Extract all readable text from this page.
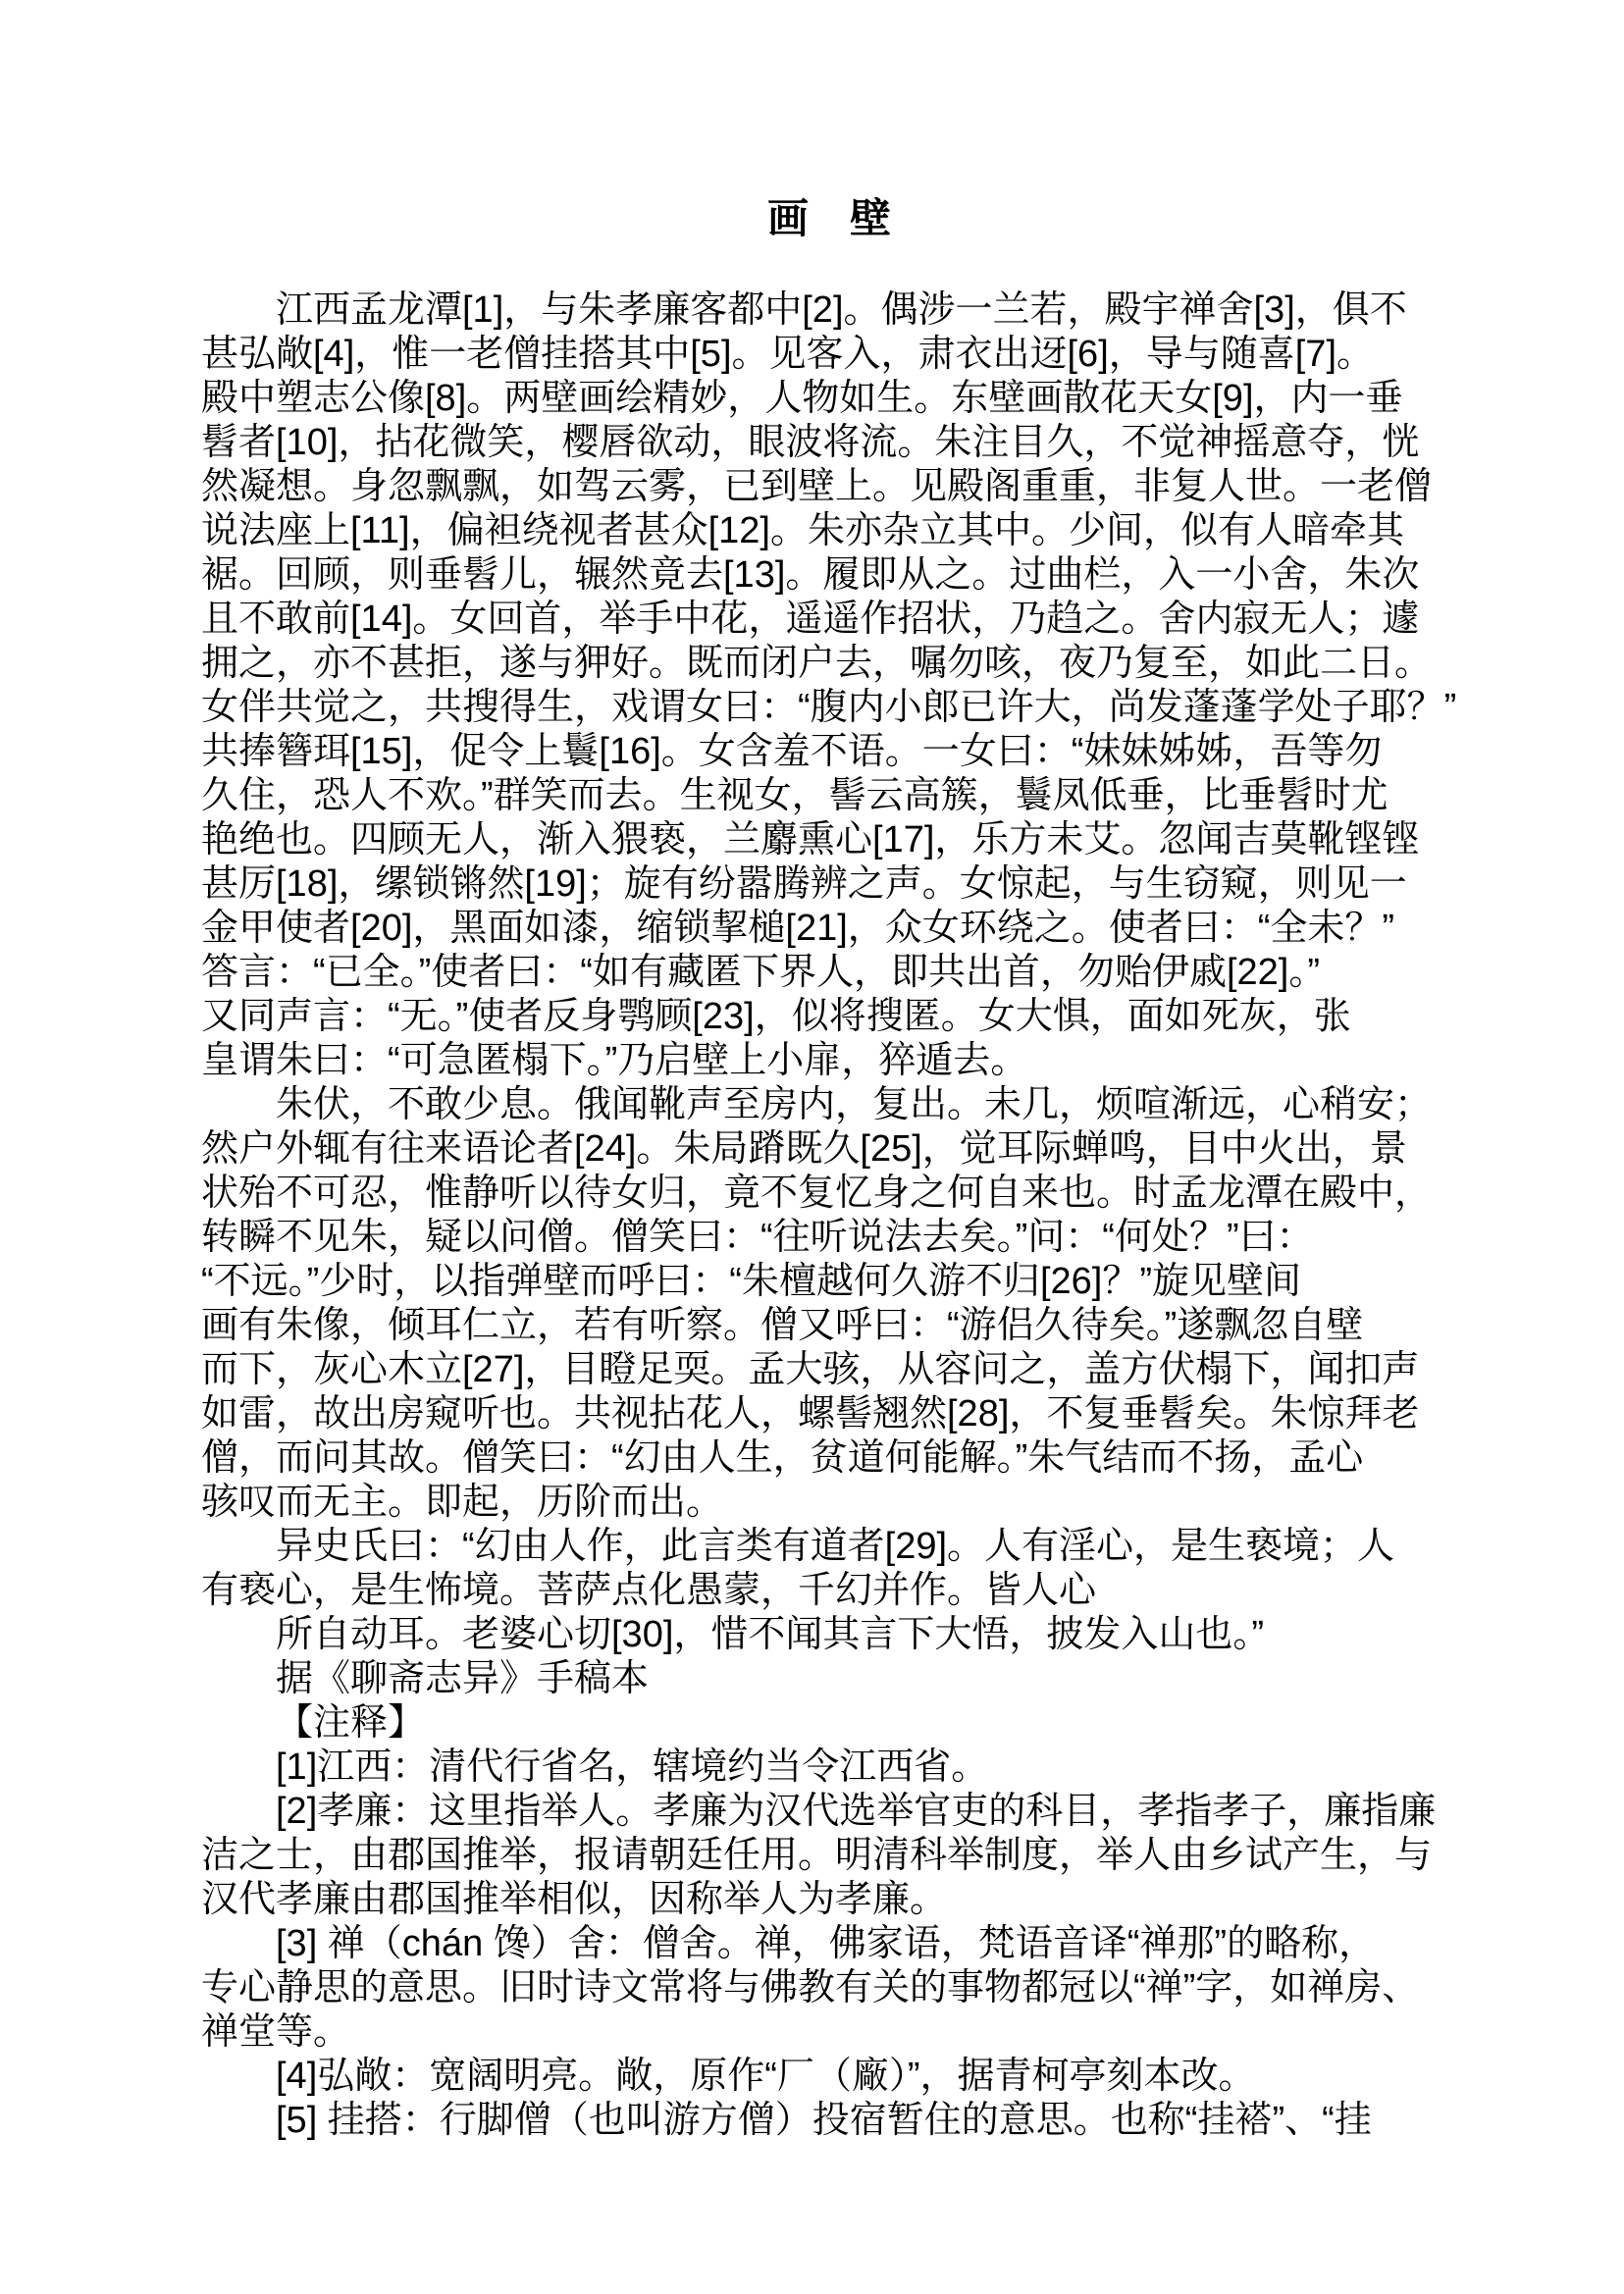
画　壁
江西孟龙潭[1]，与朱孝廉客都中[2]。偶涉一兰若，殿宇禅舍[3]，俱不
甚弘敞[4]，惟一老僧挂搭其中[5]。见客入，肃衣出迓[6]，导与随喜[7]。
殿中塑志公像[8]。两壁画绘精妙，人物如生。东壁画散花天女[9]，内一垂
髫者[10]，拈花微笑，樱唇欲动，眼波将流。朱注目久，不觉神摇意夺，恍
然凝想。身忽飘飘，如驾云雾，已到壁上。见殿阁重重，非复人世。一老僧
说法座上[11]，偏袒绕视者甚众[12]。朱亦杂立其中。少间，似有人暗牵其
裾。回顾，则垂髫儿，辗然竟去[13]。履即从之。过曲栏，入一小舍，朱次
且不敢前[14]。女回首，举手中花，遥遥作招状，乃趋之。舍内寂无人；遽
拥之，亦不甚拒，遂与狎好。既而闭户去，嘱勿咳，夜乃复至，如此二日。
女伴共觉之，共搜得生，戏谓女曰：“腹内小郎已许大，尚发蓬蓬学处子耶？”
共捧簪珥[15]，促令上鬟[16]。女含羞不语。一女曰：“妹妹姊姊，吾等勿
久住，恐人不欢。”群笑而去。生视女，髻云高簇，鬟凤低垂，比垂髫时尤
艳绝也。四顾无人，渐入猥亵，兰麝熏心[17]，乐方未艾。忽闻吉莫靴铿铿
甚厉[18]，缧锁锵然[19]；旋有纷嚣腾辨之声。女惊起，与生窃窥，则见一
金甲使者[20]，黑面如漆，缩锁挈槌[21]，众女环绕之。使者曰：“全未？”
答言：“已全。”使者曰：“如有藏匿下界人，即共出首，勿贻伊戚[22]。”
又同声言：“无。”使者反身鹗顾[23]，似将搜匿。女大惧，面如死灰，张
皇谓朱曰：“可急匿榻下。”乃启壁上小扉，猝遁去。
朱伏，不敢少息。俄闻靴声至房内，复出。未几，烦喧渐远，心稍安；
然户外辄有往来语论者[24]。朱局蹐既久[25]，觉耳际蝉鸣，目中火出，景
状殆不可忍，惟静听以待女归，竟不复忆身之何自来也。时孟龙潭在殿中，
转瞬不见朱，疑以问僧。僧笑曰：“往听说法去矣。”问：“何处？”曰：
“不远。”少时，以指弹壁而呼曰：“朱檀越何久游不归[26]？”旋见壁间
画有朱像，倾耳仁立，若有听察。僧又呼曰：“游侣久待矣。”遂飘忽自壁
而下，灰心木立[27]，目瞪足耎。孟大骇，从容问之，盖方伏榻下，闻扣声
如雷，故出房窥听也。共视拈花人，螺髻翘然[28]，不复垂髫矣。朱惊拜老
僧，而问其故。僧笑曰：“幻由人生，贫道何能解。”朱气结而不扬，孟心
骇叹而无主。即起，历阶而出。
异史氏曰：“幻由人作，此言类有道者[29]。人有淫心，是生亵境；人
有亵心，是生怖境。菩萨点化愚蒙，千幻并作。皆人心
所自动耳。老婆心切[30]，惜不闻其言下大悟，披发入山也。”
据《聊斋志异》手稿本
【注释】
[1]江西：清代行省名，辖境约当令江西省。
[2]孝廉：这里指举人。孝廉为汉代选举官吏的科目，孝指孝子，廉指廉
洁之士，由郡国推举，报请朝廷任用。明清科举制度，举人由乡试产生，与
汉代孝廉由郡国推举相似，因称举人为孝廉。
[3] 禅（chán 馋）舍：僧舍。禅，佛家语，梵语音译“禅那”的略称，
专心静思的意思。旧时诗文常将与佛教有关的事物都冠以“禅”字，如禅房、
禅堂等。
[4]弘敞：宽阔明亮。敞，原作“厂（廠）”，据青柯亭刻本改。
[5] 挂搭：行脚僧（也叫游方僧）投宿暂住的意思。也称“挂褡”、“挂
